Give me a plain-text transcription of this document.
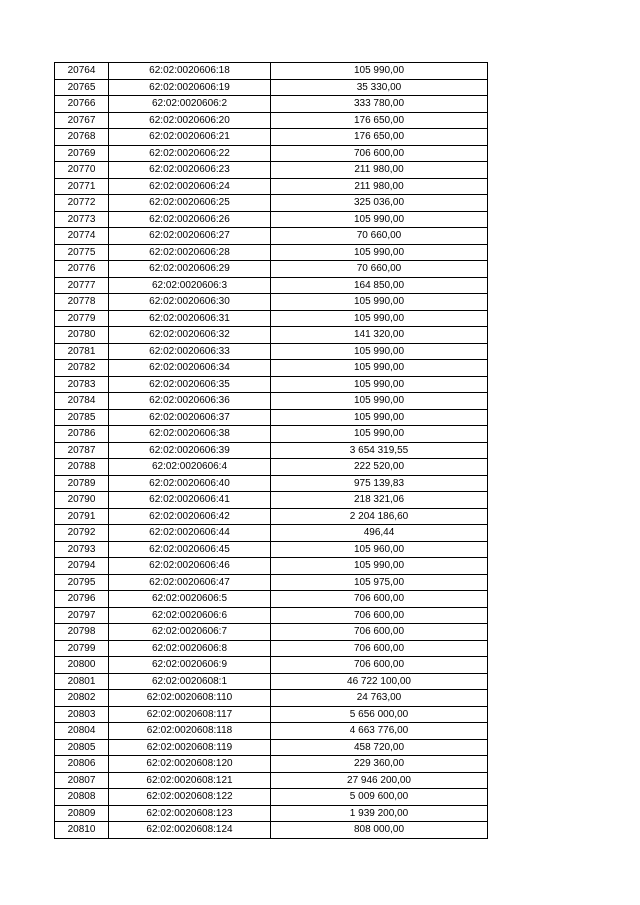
20764	62:02:0020606:18	105 990,00
20765	62:02:0020606:19	35 330,00
20766	62:02:0020606:2	333 780,00
20767	62:02:0020606:20	176 650,00
20768	62:02:0020606:21	176 650,00
20769	62:02:0020606:22	706 600,00
20770	62:02:0020606:23	211 980,00
20771	62:02:0020606:24	211 980,00
20772	62:02:0020606:25	325 036,00
20773	62:02:0020606:26	105 990,00
20774	62:02:0020606:27	70 660,00
20775	62:02:0020606:28	105 990,00
20776	62:02:0020606:29	70 660,00
20777	62:02:0020606:3	164 850,00
20778	62:02:0020606:30	105 990,00
20779	62:02:0020606:31	105 990,00
20780	62:02:0020606:32	141 320,00
20781	62:02:0020606:33	105 990,00
20782	62:02:0020606:34	105 990,00
20783	62:02:0020606:35	105 990,00
20784	62:02:0020606:36	105 990,00
20785	62:02:0020606:37	105 990,00
20786	62:02:0020606:38	105 990,00
20787	62:02:0020606:39	3 654 319,55
20788	62:02:0020606:4	222 520,00
20789	62:02:0020606:40	975 139,83
20790	62:02:0020606:41	218 321,06
20791	62:02:0020606:42	2 204 186,60
20792	62:02:0020606:44	496,44
20793	62:02:0020606:45	105 960,00
20794	62:02:0020606:46	105 990,00
20795	62:02:0020606:47	105 975,00
20796	62:02:0020606:5	706 600,00
20797	62:02:0020606:6	706 600,00
20798	62:02:0020606:7	706 600,00
20799	62:02:0020606:8	706 600,00
20800	62:02:0020606:9	706 600,00
20801	62:02:0020608:1	46 722 100,00
20802	62:02:0020608:110	24 763,00
20803	62:02:0020608:117	5 656 000,00
20804	62:02:0020608:118	4 663 776,00
20805	62:02:0020608:119	458 720,00
20806	62:02:0020608:120	229 360,00
20807	62:02:0020608:121	27 946 200,00
20808	62:02:0020608:122	5 009 600,00
20809	62:02:0020608:123	1 939 200,00
20810	62:02:0020608:124	808 000,00
